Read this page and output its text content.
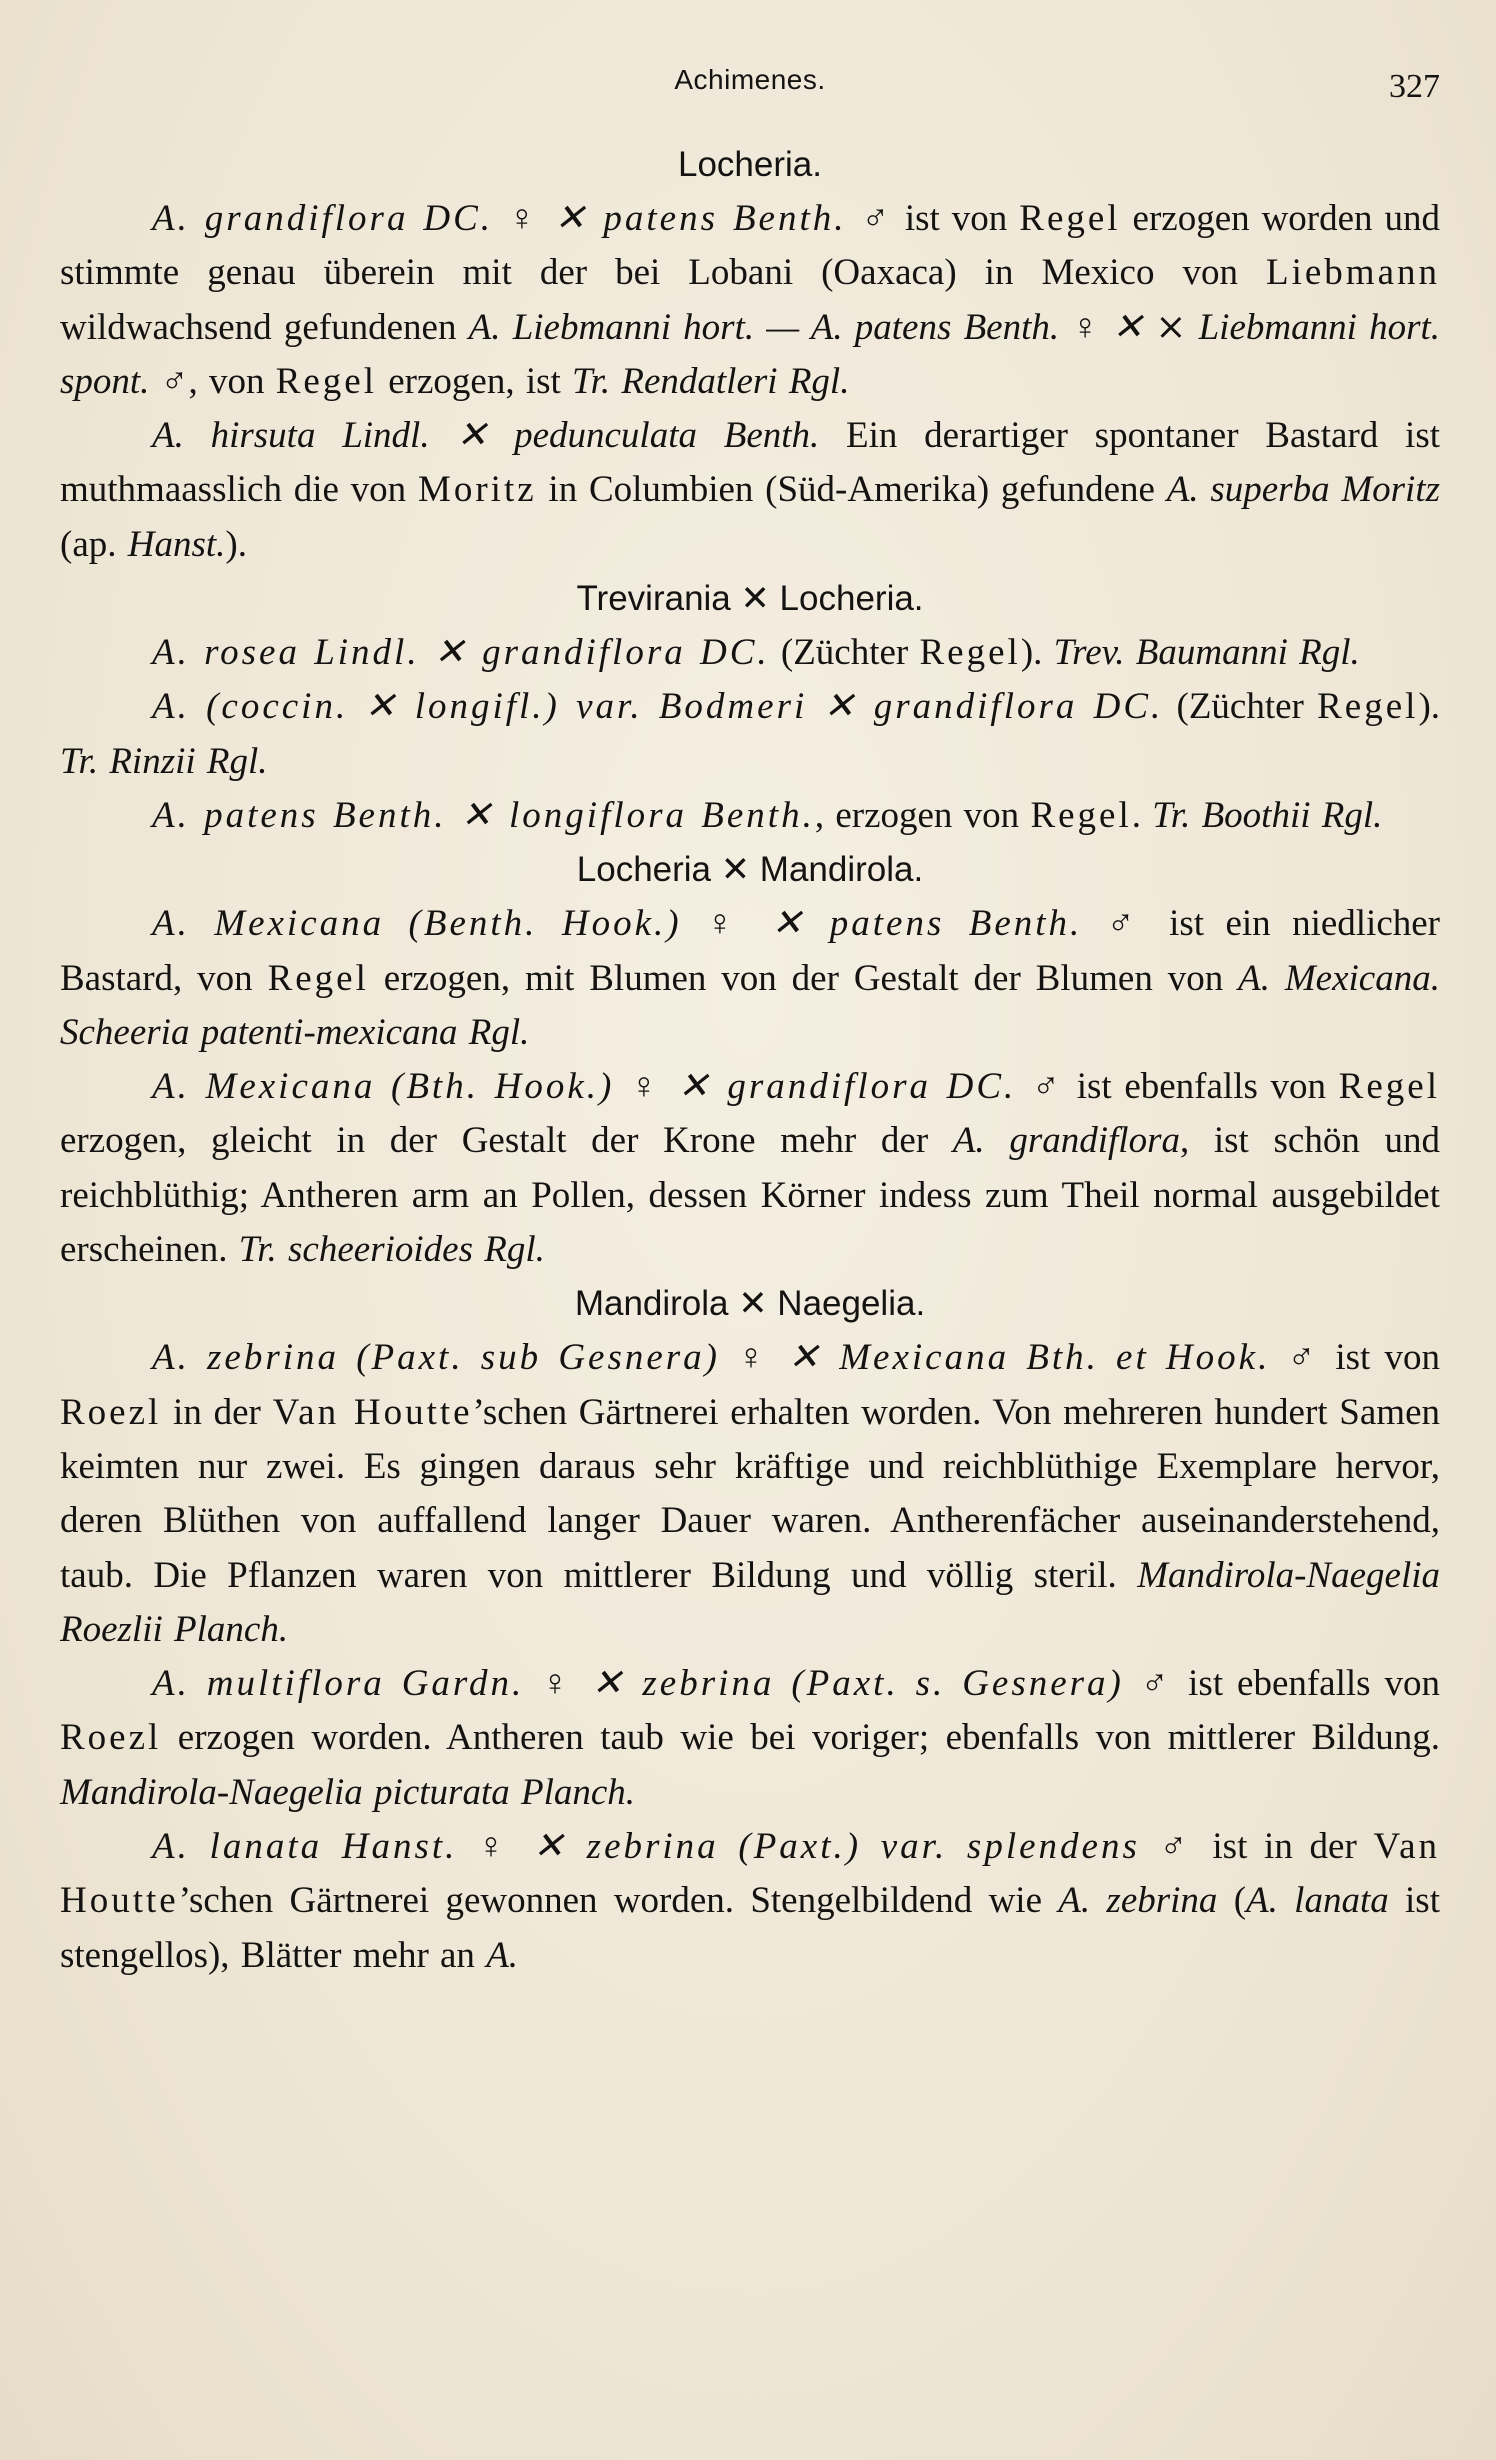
Achimenes.	327
Locheria.

A. grandiflora DC. ♀ ✕ patens Benth. ♂ ist von Regel erzogen worden und stimmte genau überein mit der bei Lobani (Oaxaca) in Mexico von Liebmann wildwachsend gefundenen A. Liebmanni hort. — A. patens Benth. ♀ ✕ ⨯ Liebmanni hort. spont. ♂, von Regel erzogen, ist Tr. Rendatleri Rgl.

A. hirsuta Lindl. ✕ pedunculata Benth. Ein derartiger spontaner Bastard ist muthmaasslich die von Moritz in Columbien (Süd-Amerika) gefundene A. superba Moritz (ap. Hanst.).

Trevirania ✕ Locheria.

A. rosea Lindl. ✕ grandiflora DC. (Züchter Regel). Trev. Baumanni Rgl.

A. (coccin. ✕ longifl.) var. Bodmeri ✕ grandiflora DC. (Züchter Regel). Tr. Rinzii Rgl.

A. patens Benth. ✕ longiflora Benth., erzogen von Regel. Tr. Boothii Rgl.

Locheria ✕ Mandirola.

A. Mexicana (Benth. Hook.) ♀ ✕ patens Benth. ♂ ist ein niedlicher Bastard, von Regel erzogen, mit Blumen von der Gestalt der Blumen von A. Mexicana. Scheeria patenti-mexicana Rgl.

A. Mexicana (Bth. Hook.) ♀ ✕ grandiflora DC. ♂ ist ebenfalls von Regel erzogen, gleicht in der Gestalt der Krone mehr der A. grandiflora, ist schön und reichblüthig; Antheren arm an Pollen, dessen Körner indess zum Theil normal ausgebildet erscheinen. Tr. scheerioides Rgl.

Mandirola ✕ Naegelia.

A. zebrina (Paxt. sub Gesnera) ♀ ✕ Mexicana Bth. et Hook. ♂ ist von Roezl in der Van Houtte’schen Gärtnerei erhalten worden. Von mehreren hundert Samen keimten nur zwei. Es gingen daraus sehr kräftige und reichblüthige Exemplare hervor, deren Blüthen von auffallend langer Dauer waren. Antherenfächer auseinanderstehend, taub. Die Pflanzen waren von mittlerer Bildung und völlig steril. Mandirola-Naegelia Roezlii Planch.

A. multiflora Gardn. ♀ ✕ zebrina (Paxt. s. Gesnera) ♂ ist ebenfalls von Roezl erzogen worden. Antheren taub wie bei voriger; ebenfalls von mittlerer Bildung. Mandirola-Naegelia picturata Planch.

A. lanata Hanst. ♀ ✕ zebrina (Paxt.) var. splendens ♂ ist in der Van Houtte’schen Gärtnerei gewonnen worden. Stengelbildend wie A. zebrina (A. lanata ist stengellos), Blätter mehr an A.
